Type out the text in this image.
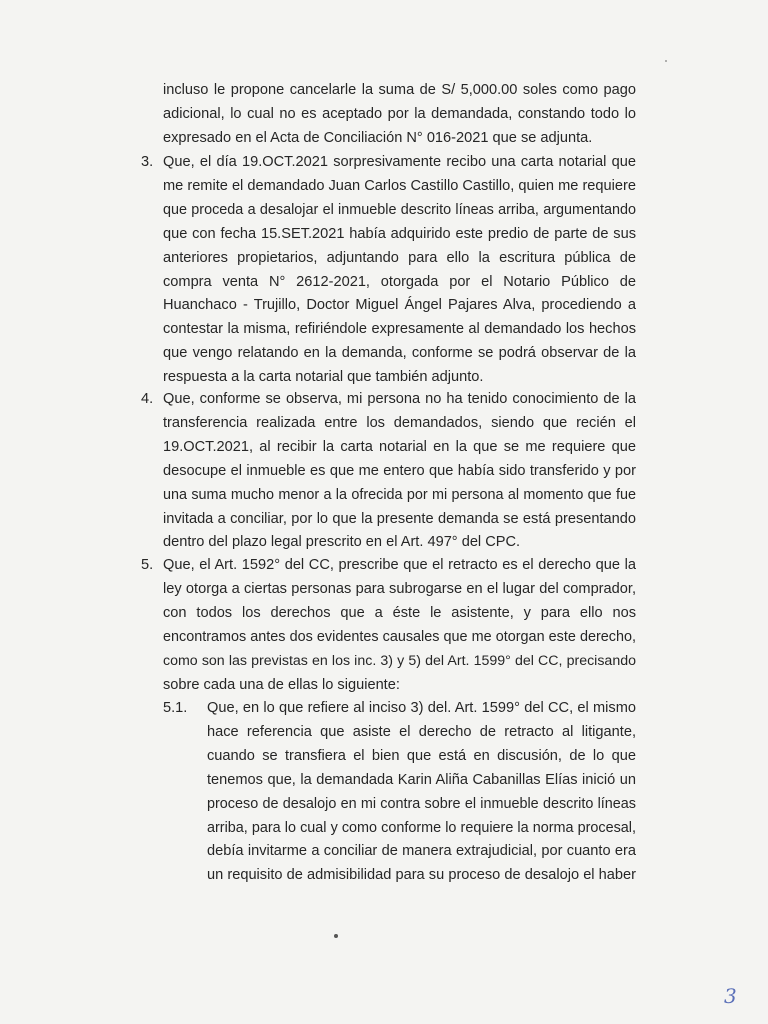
incluso le propone cancelarle la suma de S/ 5,000.00 soles como pago
adicional, lo cual no es aceptado por la demandada, constando todo lo
expresado en el Acta de Conciliación N° 016-2021 que se adjunta.
3. Que, el día 19.OCT.2021 sorpresivamente recibo una carta notarial que
me remite el demandado Juan Carlos Castillo Castillo, quien me requiere
que proceda a desalojar el inmueble descrito líneas arriba, argumentando
que con fecha 15.SET.2021 había adquirido este predio de parte de sus
anteriores propietarios, adjuntando para ello la escritura pública de
compra venta N° 2612-2021, otorgada por el Notario Público de
Huanchaco - Trujillo, Doctor Miguel Ángel Pajares Alva, procediendo a
contestar la misma, refiriéndole expresamente al demandado los hechos
que vengo relatando en la demanda, conforme se podrá observar de la
respuesta a la carta notarial que también adjunto.
4. Que, conforme se observa, mi persona no ha tenido conocimiento de la
transferencia realizada entre los demandados, siendo que recién el
19.OCT.2021, al recibir la carta notarial en la que se me requiere que
desocupe el inmueble es que me entero que había sido transferido y por
una suma mucho menor a la ofrecida por mi persona al momento que fue
invitada a conciliar, por lo que la presente demanda se está presentando
dentro del plazo legal prescrito en el Art. 497° del CPC.
5. Que, el Art. 1592° del CC, prescribe que el retracto es el derecho que la
ley otorga a ciertas personas para subrogarse en el lugar del comprador,
con todos los derechos que a éste le asistente, y para ello nos
encontramos antes dos evidentes causales que me otorgan este derecho,
como son las previstas en los inc. 3) y 5) del Art. 1599° del CC, precisando
sobre cada una de ellas lo siguiente:
5.1. Que, en lo que refiere al inciso 3) del. Art. 1599° del CC, el mismo
hace referencia que asiste el derecho de retracto al litigante,
cuando se transfiera el bien que está en discusión, de lo que
tenemos que, la demandada Karin Aliña Cabanillas Elías inició un
proceso de desalojo en mi contra sobre el inmueble descrito líneas
arriba, para lo cual y como conforme lo requiere la norma procesal,
debía invitarme a conciliar de manera extrajudicial, por cuanto era
un requisito de admisibilidad para su proceso de desalojo el haber
3
